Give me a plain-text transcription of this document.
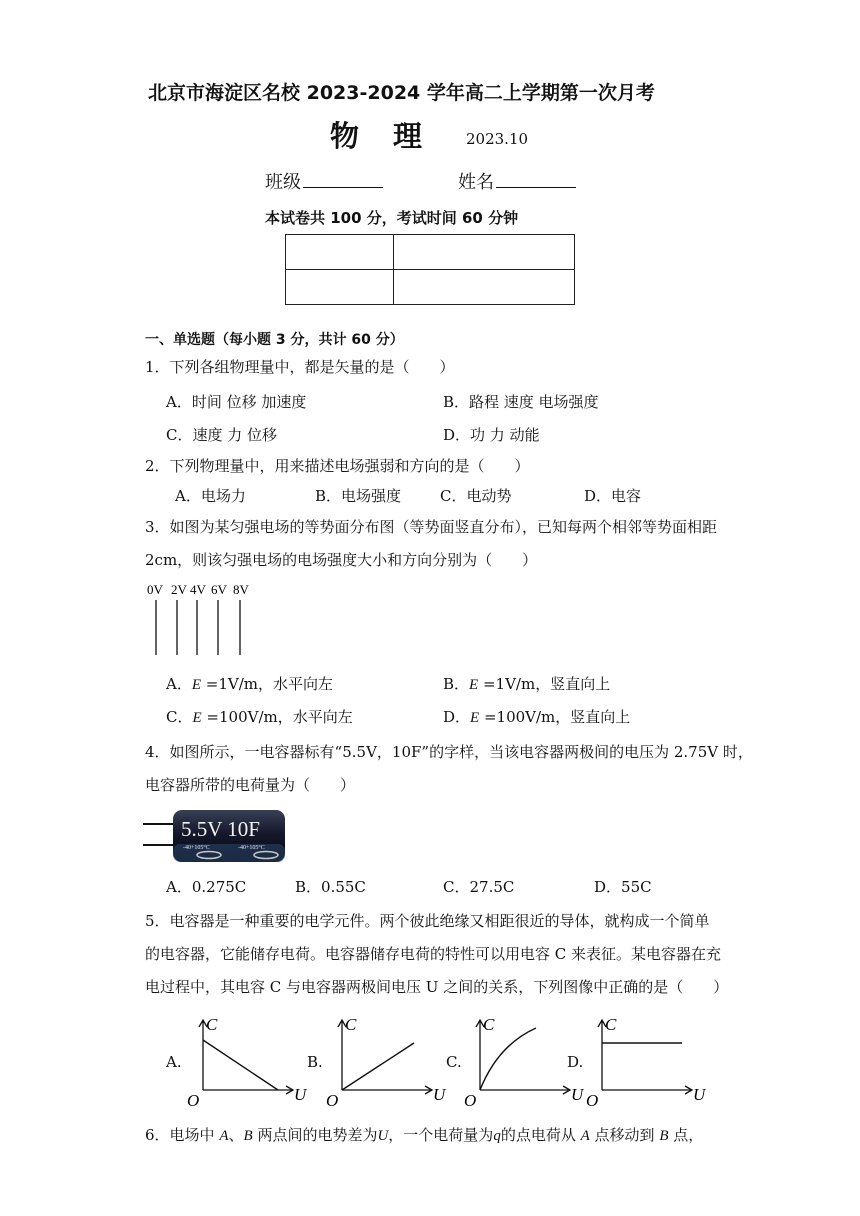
北京市海淀区名校 2023-2024 学年高二上学期第一次月考
物理 2023.10
班级	姓名
本试卷共 100 分，考试时间 60 分钟

一、单选题（每小题 3 分，共计 60 分）
1．下列各组物理量中，都是矢量的是（　　）
A．时间 位移 加速度	B．路程 速度 电场强度
C．速度 力 位移	D．功 力 动能
2．下列物理量中，用来描述电场强弱和方向的是（　　）
A．电场力	B．电场强度	C．电动势	D．电容
3．如图为某匀强电场的等势面分布图（等势面竖直分布），已知每两个相邻等势面相距
2cm，则该匀强电场的电场强度大小和方向分别为（　　）
0V 2V 4V 6V 8V
A．E =1V/m，水平向左	B．E =1V/m，竖直向上
C．E =100V/m，水平向左	D．E =100V/m，竖直向上
4．如图所示，一电容器标有“5.5V，10F”的字样，当该电容器两极间的电压为 2.75V 时，
电容器所带的电荷量为（　　）
5.5V 10F
-40+105°C	-40+105°C
A．0.275C	B．0.55C	C．27.5C	D．55C
5．电容器是一种重要的电学元件。两个彼此绝缘又相距很近的导体，就构成一个简单
的电容器，它能储存电荷。电容器储存电荷的特性可以用电容 C 来表征。某电容器在充
电过程中，其电容 C 与电容器两极间电压 U 之间的关系，下列图像中正确的是（　　）
A.	B.	C.	D.
C
U
O
C
U
O
C
U
O
C
U
O
6．电场中 A、B 两点间的电势差为U，一个电荷量为q的点电荷从 A 点移动到 B 点，
